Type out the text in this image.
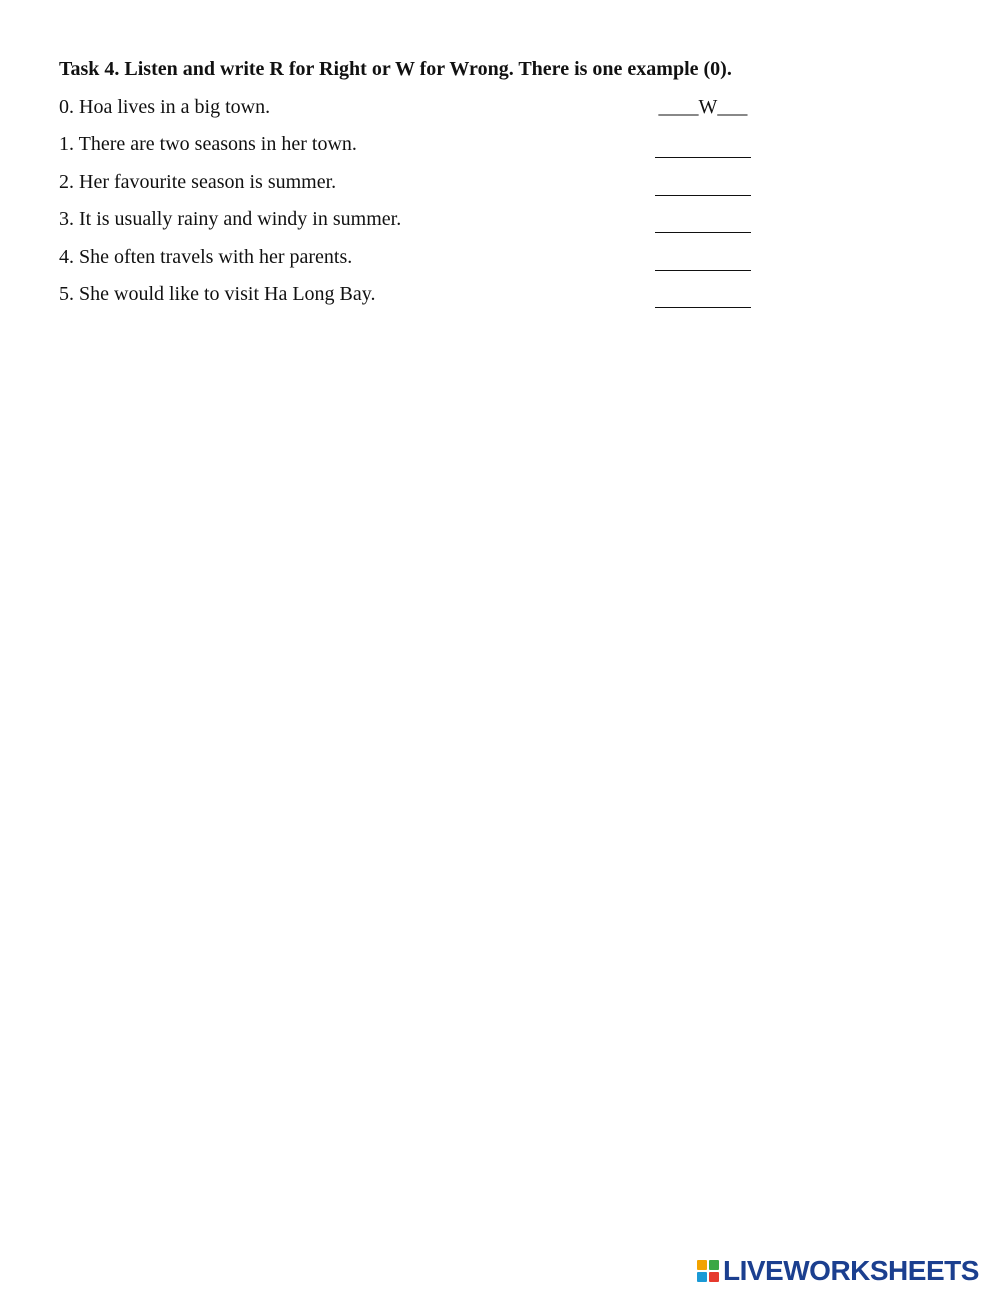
Task 4. Listen and write R for Right or W for Wrong. There is one example (0).
0. Hoa lives in a big town.	____W___
1. There are two seasons in her town.
2. Her favourite season is summer.
3. It is usually rainy and windy in summer.
4. She often travels with her parents.
5. She would like to visit Ha Long Bay.
LIVEWORKSHEETS
